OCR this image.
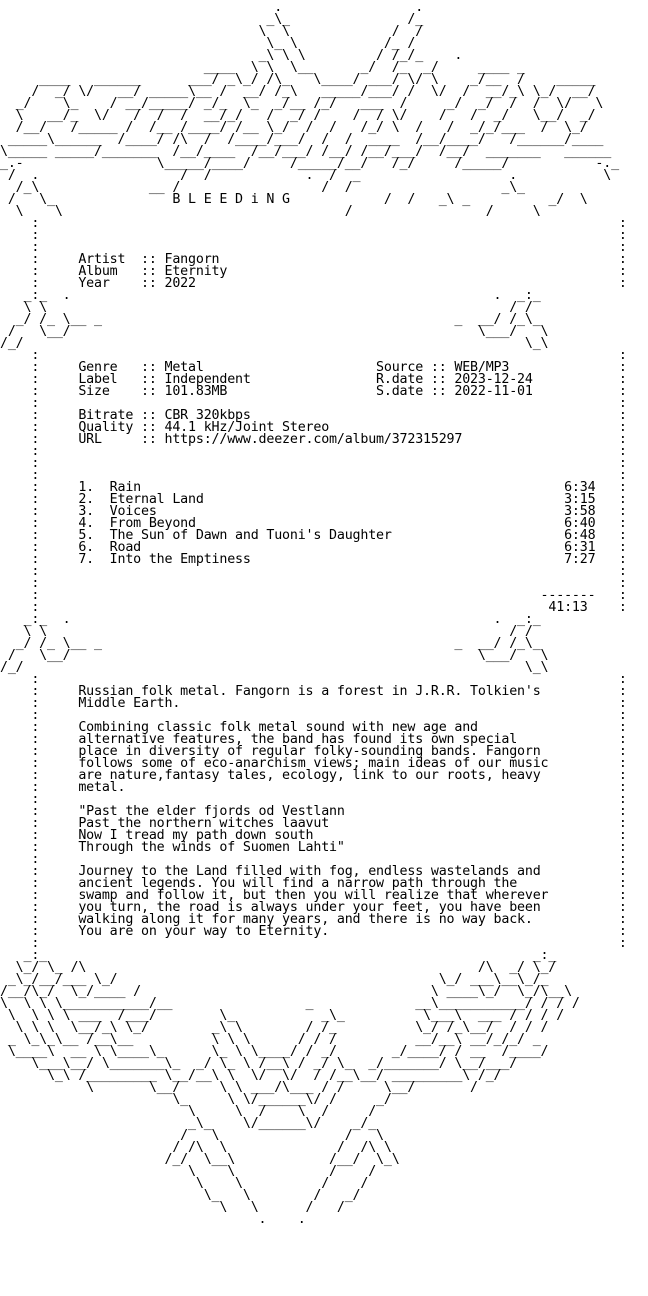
.                 .
_\_               /_
\  \             /  /
\_ \           /_ /
_\ \ \         / /_/_    .
____  \ \  \__      _/  /_  _/     ____ _
____   ______      ___/ _\_/ /\_   \____/ ___/ \/ \    _/__  /    _____
/  _/ \/   __/ _____\__ /  __/ /_\   _____/___/ /  \/  /  __/_\ \_/  __/
_/    \_    / __/_____/ _/_  \_  _/__ /_/   ___  /     _/  _/  /  /  \/   \
\   __/_  \/   /  /  /  __/_/   /  _/ /    /  / \/    /   /  _/   \__/  _/
/__/   /_____ /  /__ /____/ /__ \_/  /  /   /_/ \  /   /  _/_/___  /  \_/
_____\______  /____/ /\  /  /____/___/  /  /  ____  /__/____/   /______/____
\_____ _____/_______  /__/____  /__/___/ /__/ /__/___/  /__/  _______   ______
_.-                 \_____/____/     /_____/__/   /_/     /_____/           -._
/  .                  /  /            .  /  _                   .           \
/_\              __ /                  /  /                   _\_
/   \_               B L E E D i N G            /  /   _\ _          _/  \
\    \                                    /                 /     \
:                                                                          :
:                                                                          :
:                                                                          :
:     Artist  :: Fangorn                                                   :
:     Album   :: Eternity                                                  :
:     Year    :: 2022                                                      :
_:_  .                                                      .  _:_
\ \                                                           / /
_/ /_ \__ _                                             _  __/ /_\_
/   \__/                                                    \___/   \
/_/                                                                \_\
:                                                                          :
:     Genre   :: Metal                      Source :: WEB/MP3              :
:     Label   :: Independent                R.date :: 2023-12-24           :
:     Size    :: 101.83MB                   S.date :: 2022-11-01           :
:                                                                          :
:     Bitrate :: CBR 320kbps                                               :
:     Quality :: 44.1 kHz/Joint Stereo                                     :
:     URL     :: https://www.deezer.com/album/372315297                    :
:                                                                          :
:                                                                          :
:                                                                          :
:     1.  Rain                                                      6:34   :
:     2.  Eternal Land                                              3:15   :
:     3.  Voices                                                    3:58   :
:     4.  From Beyond                                               6:40   :
:     5.  The Sun of Dawn and Tuoni's Daughter                      6:48   :
:     6.  Road                                                      6:31   :
:     7.  Into the Emptiness                                        7:27   :
:                                                                          :
:                                                                          :
:                                                                -------   :
:                                                                 41:13    :
_:_  .                                                      .  _:_
\ \                                                           / /
_/ /_ \__ _                                             _  __/ /_\_
/   \__/                                                    \___/   \
/_/                                                                \_\
:                                                                          :
:     Russian folk metal. Fangorn is a forest in J.R.R. Tolkien's          :
:     Middle Earth.                                                        :
:                                                                          :
:     Combining classic folk metal sound with new age and                  :
:     alternative features, the band has found its own special             :
:     place in diversity of regular folky-sounding bands. Fangorn          :
:     follows some of eco-anarchism views; main ideas of our music         :
:     are nature,fantasy tales, ecology, link to our roots, heavy          :
:     metal.                                                               :
:                                                                          :
:     "Past the elder fjords od Vestlann                                   :
:     Past the northern witches laavut                                     :
:     Now I tread my path down south                                       :
:     Through the winds of Suomen Lahti"                                   :
:                                                                          :
:     Journey to the Land filled with fog, endless wastelands and          :
:     ancient legends. You will find a narrow path through the             :
:     swamp and follow it, but then you will realize that wherever         :
:     you turn, the road is always under your feet, you have been          :
:     walking along it for many years, and there is no way back.           :
:     You are on your way to Eternity.                                     :
:                                                                          :
_:_                                                              _:_
\_/ \_ /\                                                  /\  _/ \_/
_\_/__/___ \_/                                         \_/ ___\__\_/_
/__/\_/  \_/____ /                                     \ ____\_/  \_/\__\
\  \ \ \___________/__                 _             __\___________/ / / /
\  \ \ \ ___  /___/        \_           _\_          \___\  ___ / / / /
\ \ \  \__/_\ \_/        _\ \        / /_          \_/ /_\__/  / / /
_ \_\_\__ /__\__          \ \ \      / / /          __/__\ __/_/_/ _
\____\  __ \ \____\_      \_ \ \____/ / _/       _/____/ / __  /____/
\___\__/ \_______\_  _/ \_ \ /__\ / _/ \_  _/_______/ \__/___/
\_\ /_________ \__/__\ \  \/  \/  / /__\__/ _________\ /_/
\       \__/     \ \ ___/\___ / /     \__/       /
\_     \ \/______\/ /     _/
\     \  /    \  /     /
_\_    \/______\/    _/_
/   \                /   \
/ /\  \              /  /\ \
/_/  \__\            /__/  \_\
\    \            /    /
\    \          /    /
\_   \        /   _/
\   \      /   /
.    .
